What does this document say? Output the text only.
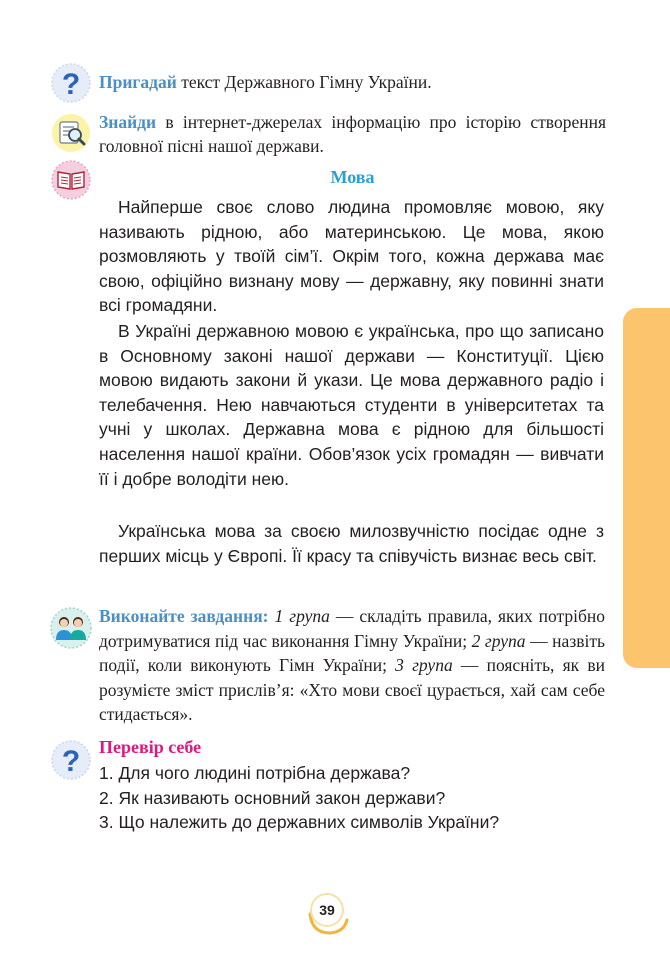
? Пригадай текст Державного Гімну України.
Знайди в інтернет-джерелах інформацію про історію створення головної пісні нашої держави.
Мова

Найперше своє слово людина промовляє мовою, яку називають рідною, або материнською. Це мова, якою розмовляють у твоїй сім’ї. Окрім того, кожна держава має свою, офіційно визнану мову — державну, яку повинні знати всі громадяни.

В Україні державною мовою є українська, про що записано в Основному законі нашої держави — Конституції. Цією мовою видають закони й укази. Це мова державного радіо і телебачення. Нею навчаються студенти в університетах та учні у школах. Державна мова є рідною для більшості населення нашої країни. Обов’язок усіх громадян — вивчати її і добре володіти нею.

Українська мова за своєю милозвучністю посідає одне з перших місць у Європі. Її красу та співучість визнає весь світ.

Виконайте завдання: 1 група — складіть правила, яких потрібно дотримуватися під час виконання Гімну України; 2 група — назвіть події, коли виконують Гімн України; 3 група — поясніть, як ви розумієте зміст прислів’я: «Хто мови своєї цурається, хай сам себе стидається».

? Перевір себе
1. Для чого людині потрібна держава?
2. Як називають основний закон держави?
3. Що належить до державних символів України?
39
